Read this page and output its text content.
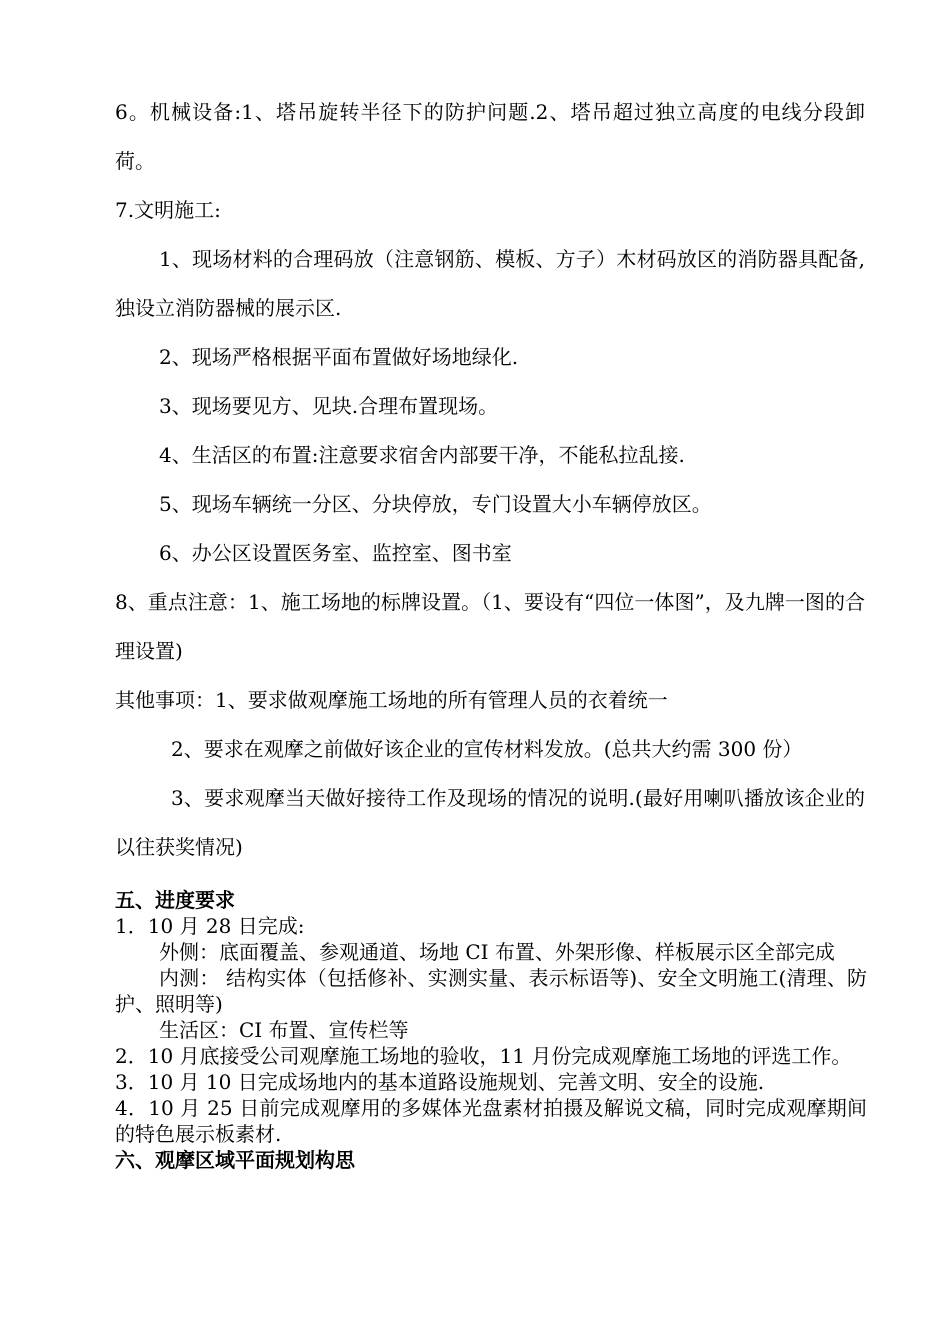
6。机械设备:1、塔吊旋转半径下的防护问题.2、塔吊超过独立高度的电线分段卸荷。

7.文明施工:

1、现场材料的合理码放（注意钢筋、模板、方子）木材码放区的消防器具配备,独设立消防器械的展示区.

2、现场严格根据平面布置做好场地绿化.

3、现场要见方、见块.合理布置现场。

4、生活区的布置:注意要求宿舍内部要干净，不能私拉乱接.

5、现场车辆统一分区、分块停放，专门设置大小车辆停放区。

6、办公区设置医务室、监控室、图书室

8、重点注意：1、施工场地的标牌设置。（1、要设有“四位一体图”，及九牌一图的合理设置)

其他事项：1、要求做观摩施工场地的所有管理人员的衣着统一

2、要求在观摩之前做好该企业的宣传材料发放。(总共大约需 300 份）

3、要求观摩当天做好接待工作及现场的情况的说明.(最好用喇叭播放该企业的以往获奖情况)

五、进度要求

1．10 月 28 日完成:

外侧：底面覆盖、参观通道、场地 CI 布置、外架形像、样板展示区全部完成

内测： 结构实体（包括修补、实测实量、表示标语等)、安全文明施工(清理、防护、照明等)

生活区：CI 布置、宣传栏等

2．10 月底接受公司观摩施工场地的验收，11 月份完成观摩施工场地的评选工作。

3．10 月 10 日完成场地内的基本道路设施规划、完善文明、安全的设施.

4．10 月 25 日前完成观摩用的多媒体光盘素材拍摄及解说文稿，同时完成观摩期间的特色展示板素材.

六、观摩区域平面规划构思
